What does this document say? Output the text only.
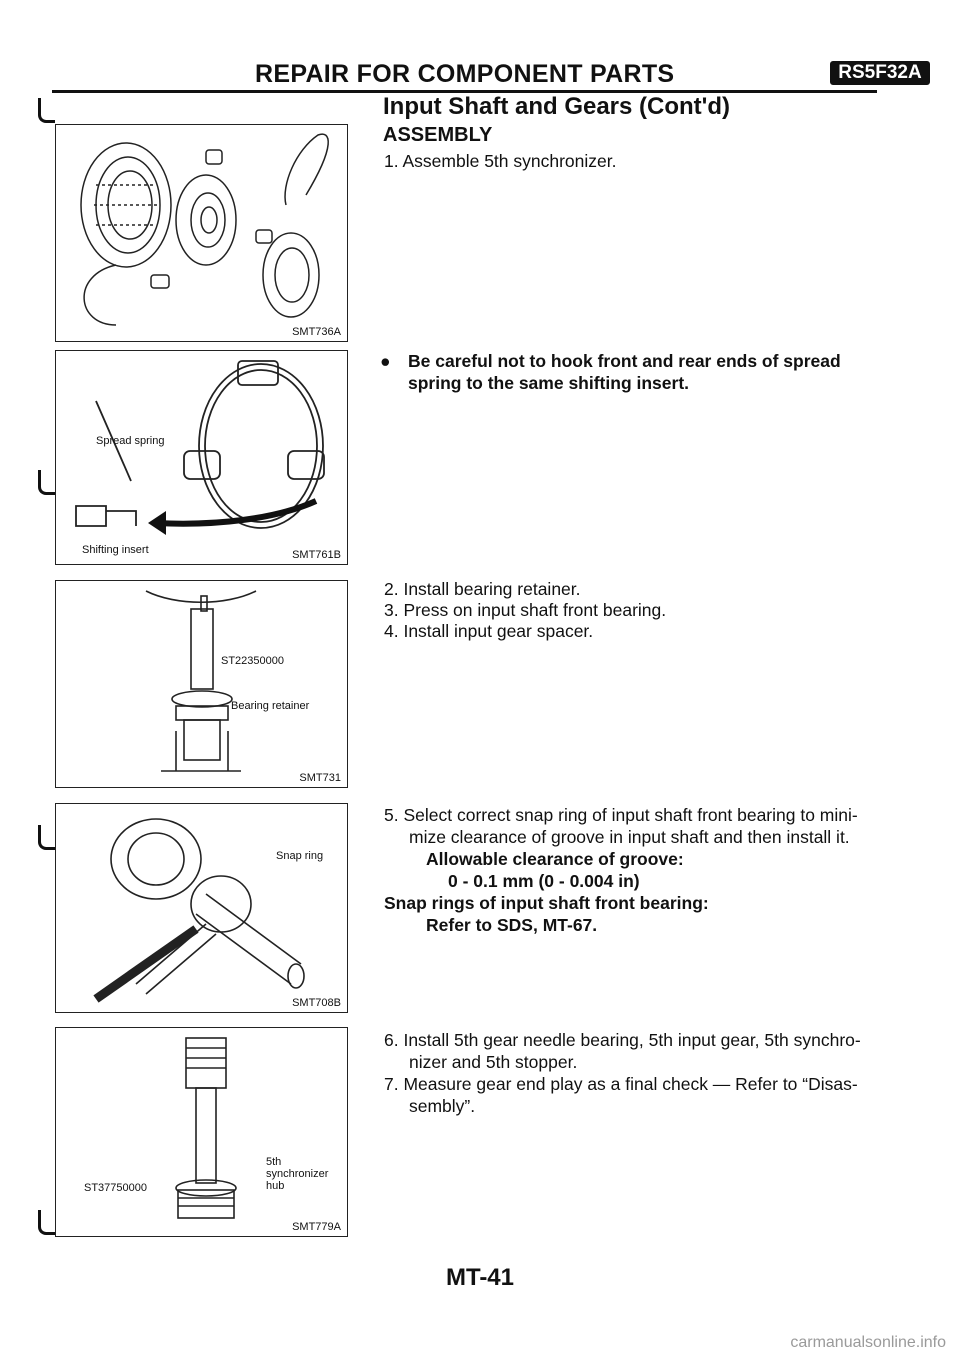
REPAIR FOR COMPONENT PARTS	RS5F32A
Input Shaft and Gears (Cont'd)
ASSEMBLY
SMT736A
Spread spring
Shifting insert	SMT761B
ST22350000
Bearing retainer
SMT731
Snap ring
SMT708B
ST37750000
5th
synchronizer
hub
SMT779A
1. Assemble 5th synchronizer.
● Be careful not to hook front and rear ends of spread spring to the same shifting insert.
2. Install bearing retainer.
3. Press on input shaft front bearing.
4. Install input gear spacer.
5. Select correct snap ring of input shaft front bearing to mini-
mize clearance of groove in input shaft and then install it.
Allowable clearance of groove:
0 - 0.1 mm (0 - 0.004 in)
Snap rings of input shaft front bearing:
Refer to SDS, MT-67.
6. Install 5th gear needle bearing, 5th input gear, 5th synchro-
nizer and 5th stopper.
7. Measure gear end play as a final check — Refer to “Disas-
sembly”.
MT-41
carmanualsonline.info
